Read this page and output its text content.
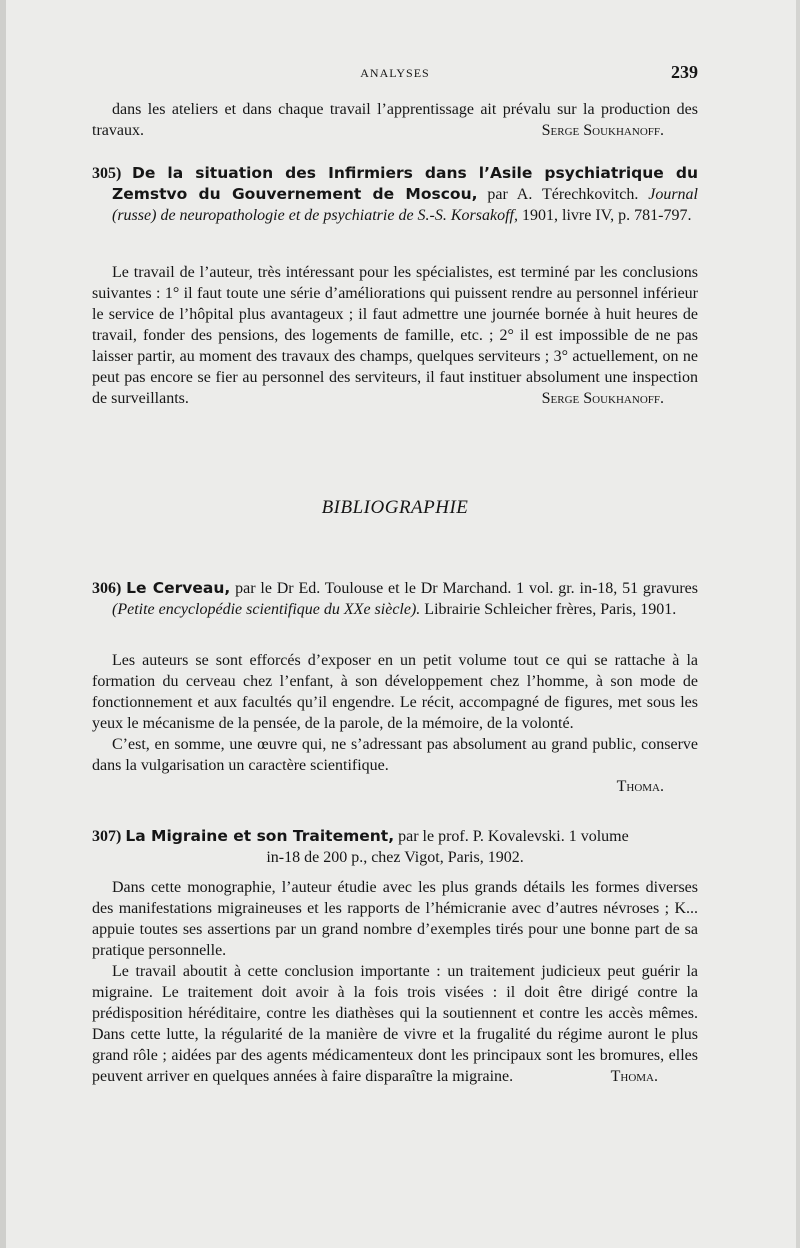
ANALYSES	239

dans les ateliers et dans chaque travail l’apprentissage ait prévalu sur la production des travaux.	Serge Soukhanoff.

305) De la situation des Infirmiers dans l’Asile psychiatrique du Zemstvo du Gouvernement de Moscou, par A. Térechkovitch. Journal (russe) de neuropathologie et de psychiatrie de S.-S. Korsakoff, 1901, livre IV, p. 781-797.

Le travail de l’auteur, très intéressant pour les spécialistes, est terminé par les conclusions suivantes : 1° il faut toute une série d’améliorations qui puissent rendre au personnel inférieur le service de l’hôpital plus avantageux ; il faut admettre une journée bornée à huit heures de travail, fonder des pensions, des logements de famille, etc. ; 2° il est impossible de ne pas laisser partir, au moment des travaux des champs, quelques serviteurs ; 3° actuellement, on ne peut pas encore se fier au personnel des serviteurs, il faut instituer absolument une inspection de surveillants.	Serge Soukhanoff.

BIBLIOGRAPHIE

306) Le Cerveau, par le Dr Ed. Toulouse et le Dr Marchand. 1 vol. gr. in-18, 51 gravures (Petite encyclopédie scientifique du XXe siècle). Librairie Schleicher frères, Paris, 1901.

Les auteurs se sont efforcés d’exposer en un petit volume tout ce qui se rattache à la formation du cerveau chez l’enfant, à son développement chez l’homme, à son mode de fonctionnement et aux facultés qu’il engendre. Le récit, accompagné de figures, met sous les yeux le mécanisme de la pensée, de la parole, de la mémoire, de la volonté.

C’est, en somme, une œuvre qui, ne s’adressant pas absolument au grand public, conserve dans la vulgarisation un caractère scientifique.

Thoma.

307) La Migraine et son Traitement, par le prof. P. Kovalevski. 1 volume

in-18 de 200 p., chez Vigot, Paris, 1902.

Dans cette monographie, l’auteur étudie avec les plus grands détails les formes diverses des manifestations migraineuses et les rapports de l’hémicranie avec d’autres névroses ; K... appuie toutes ses assertions par un grand nombre d’exemples tirés pour une bonne part de sa pratique personnelle.

Le travail aboutit à cette conclusion importante : un traitement judicieux peut guérir la migraine. Le traitement doit avoir à la fois trois visées : il doit être dirigé contre la prédisposition héréditaire, contre les diathèses qui la soutiennent et contre les accès mêmes. Dans cette lutte, la régularité de la manière de vivre et la frugalité du régime auront le plus grand rôle ; aidées par des agents médicamenteux dont les principaux sont les bromures, elles peuvent arriver en quelques années à faire disparaître la migraine.	Thoma.
